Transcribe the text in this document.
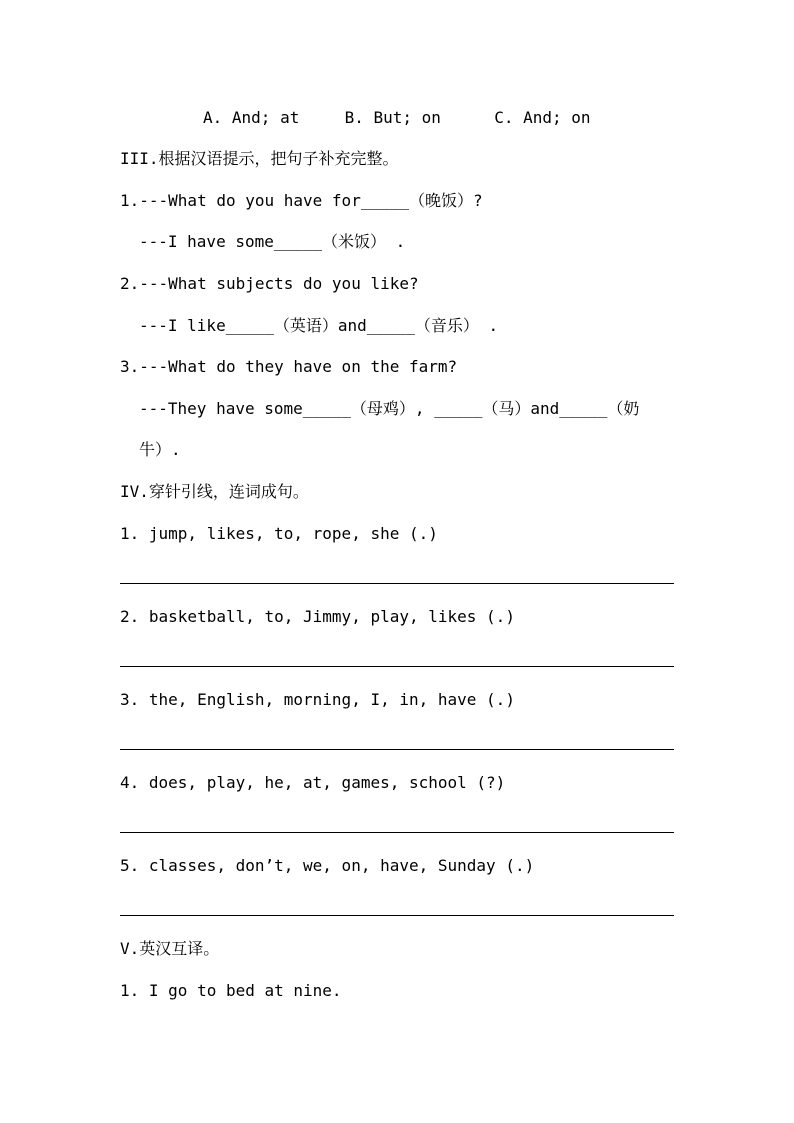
A. And; at	B. But; on	C. And; on
III.根据汉语提示，把句子补充完整。
1.---What do you have for_____（晚饭）?
---I have some_____（米饭） .
2.---What subjects do you like?
---I like_____（英语）and_____（音乐） .
3.---What do they have on the farm?
---They have some_____（母鸡）, _____（马）and_____（奶
牛）.
IV.穿针引线，连词成句。
1. jump, likes, to, rope, she (.)
2. basketball, to, Jimmy, play, likes (.)
3. the, English, morning, I, in, have (.)
4. does, play, he, at, games, school (?)
5. classes, don’t, we, on, have, Sunday (.)
V.英汉互译。
1. I go to bed at nine.
